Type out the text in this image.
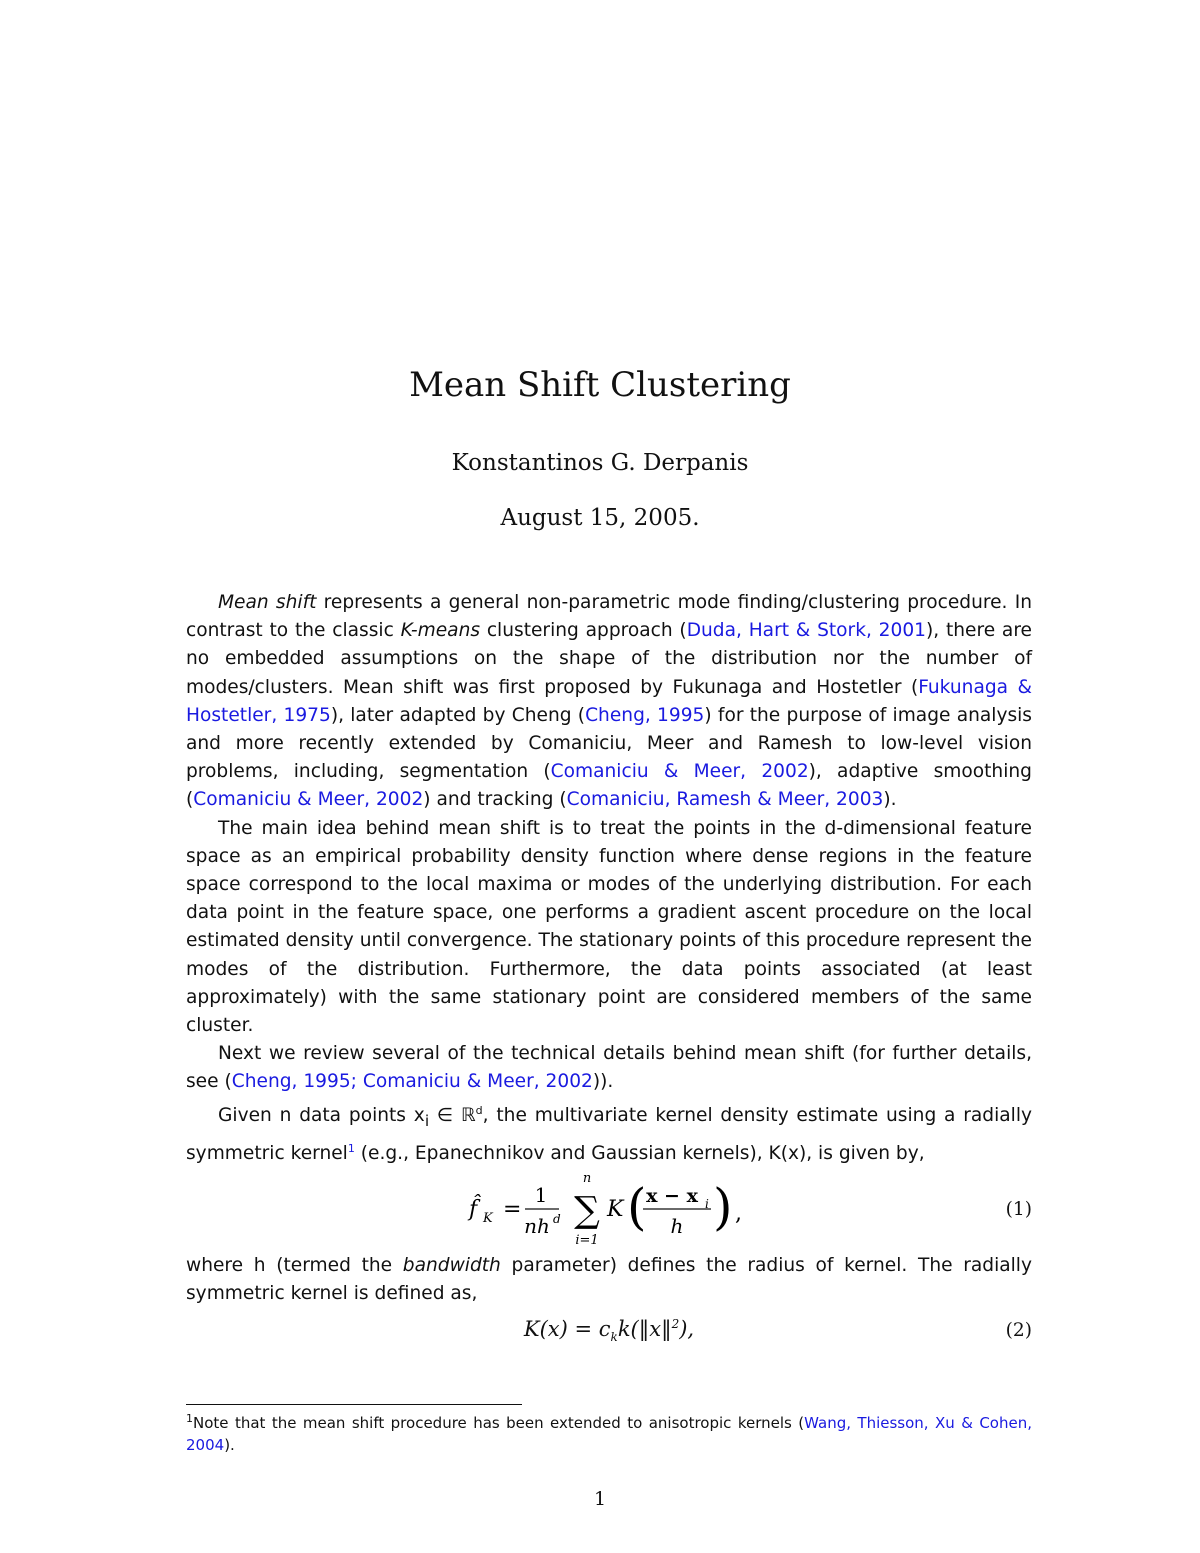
Mean Shift Clustering
Konstantinos G. Derpanis
August 15, 2005.

Mean shift represents a general non-parametric mode finding/clustering procedure. In contrast to the classic K-means clustering approach (Duda, Hart & Stork, 2001), there are no embedded assumptions on the shape of the distribution nor the number of modes/clusters. Mean shift was first proposed by Fukunaga and Hostetler (Fukunaga & Hostetler, 1975), later adapted by Cheng (Cheng, 1995) for the purpose of image analysis and more recently extended by Comaniciu, Meer and Ramesh to low-level vision problems, including, segmentation (Comaniciu & Meer, 2002), adaptive smoothing (Comaniciu & Meer, 2002) and tracking (Comaniciu, Ramesh & Meer, 2003).

The main idea behind mean shift is to treat the points in the d-dimensional feature space as an empirical probability density function where dense regions in the feature space correspond to the local maxima or modes of the underlying distribution. For each data point in the feature space, one performs a gradient ascent procedure on the local estimated density until convergence. The stationary points of this procedure represent the modes of the distribution. Furthermore, the data points associated (at least approximately) with the same stationary point are considered members of the same cluster.

Next we review several of the technical details behind mean shift (for further details, see (Cheng, 1995; Comaniciu & Meer, 2002)).

Given n data points $x_i$ ∈ ℝ$^d$, the multivariate kernel density estimate using a radially symmetric kernel$^1$ (e.g., Epanechnikov and Gaussian kernels), K(x), is given by,

f̂ K =
1
nh d
n
∑
i=1
K ( x − x i
h ) ,	(1)

where h (termed the bandwidth parameter) defines the radius of kernel. The radially symmetric kernel is defined as,

$K(x) = c_kk(‖x‖^2)$,	(2)
$^1$Note that the mean shift procedure has been extended to anisotropic kernels (Wang, Thiesson, Xu & Cohen, 2004).
1
